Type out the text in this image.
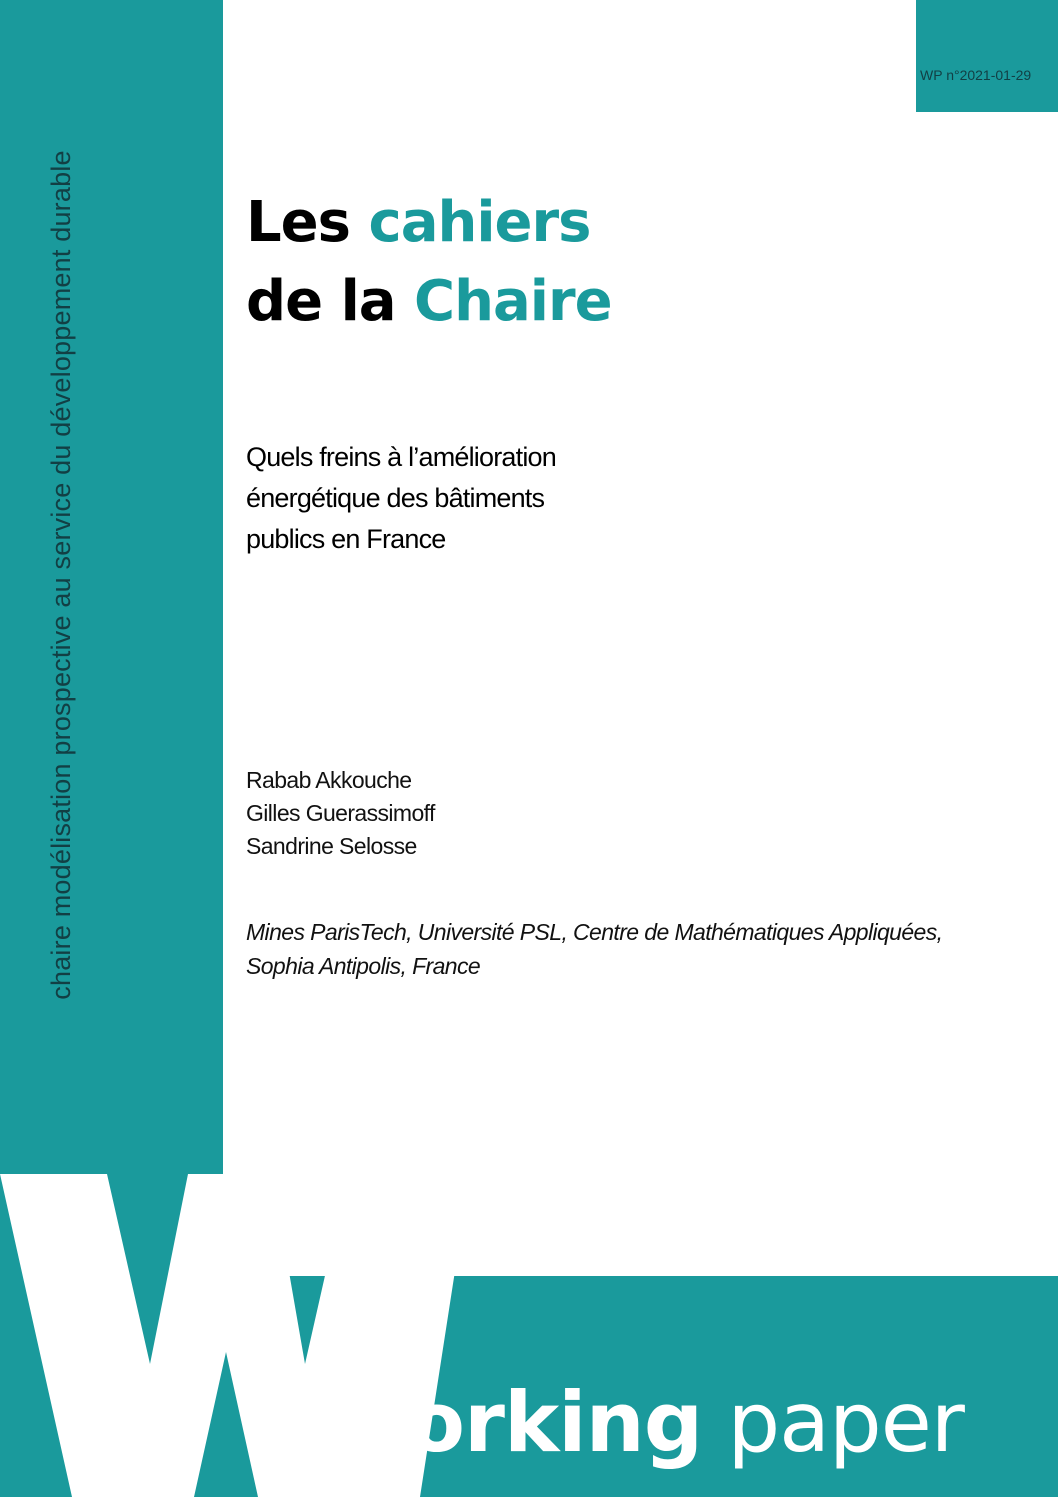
chaire modélisation prospective au service du développement durable
WP n°2021-01-29
Les cahiers
de la Chaire

Quels freins à l’amélioration
énergétique des bâtiments
publics en France

Rabab Akkouche
Gilles Guerassimoff
Sandrine Selosse

Mines ParisTech, Université PSL, Centre de Mathématiques Appliquées,
Sophia Antipolis, France

orking paper
